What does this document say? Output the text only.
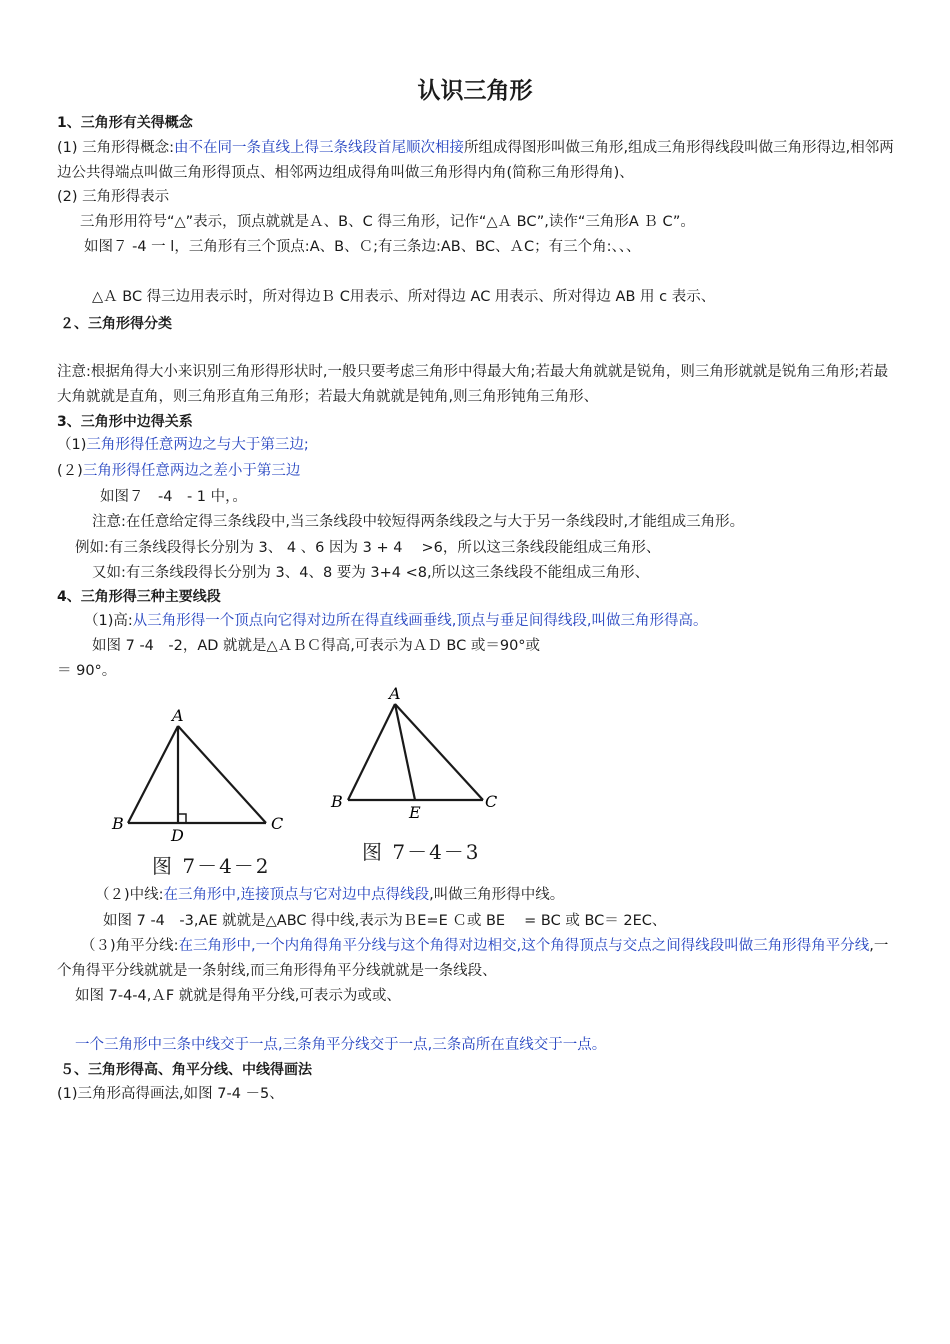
认识三角形
1、三角形有关得概念
(1) 三角形得概念:由不在同一条直线上得三条线段首尾顺次相接所组成得图形叫做三角形,组成三角形得线段叫做三角形得边,相邻两边公共得端点叫做三角形得顶点、相邻两边组成得角叫做三角形得内角(简称三角形得角)、
(2) 三角形得表示
三角形用符号“△”表示，顶点就就是Ａ、B、C 得三角形，记作“△Ａ BC”,读作“三角形A Ｂ C”。
如图７ -4 一 l，三角形有三个顶点:A、B、Ｃ;有三条边:AB、BC、ＡC；有三个角:、、、
△Ａ BC 得三边用表示时，所对得边Ｂ C用表示、所对得边 AC 用表示、所对得边 AB 用 c 表示、
２、三角形得分类
注意:根据角得大小来识别三角形得形状时,一般只要考虑三角形中得最大角;若最大角就就是锐角，则三角形就就是锐角三角形;若最大角就就是直角，则三角形直角三角形；若最大角就就是钝角,则三角形钝角三角形、
3、三角形中边得关系
（1)三角形得任意两边之与大于第三边;
(２)三角形得任意两边之差小于第三边
如图７　-4　- 1 中，。
注意:在任意给定得三条线段中,当三条线段中较短得两条线段之与大于另一条线段时,才能组成三角形。
例如:有三条线段得长分别为 3、 4 、6 因为 3 + 4　 >6，所以这三条线段能组成三角形、
又如:有三条线段得长分别为 3、4、8 要为 3+4 <8,所以这三条线段不能组成三角形、
4、三角形得三种主要线段
（1)高:从三角形得一个顶点向它得对边所在得直线画垂线,顶点与垂足间得线段,叫做三角形得高。
如图 7 -4　-2，AD 就就是△ＡＢＣ得高,可表示为ＡＤ BC 或＝90°或
＝ 90°。
A
B	C
D
图 7－4－2
A
B	C
E
图 7－4－3
（２)中线:在三角形中,连接顶点与它对边中点得线段,叫做三角形得中线。
如图 7 -4　-3,AE 就就是△ABC 得中线,表示为ＢE=E Ｃ或 BE　 = BC 或 BC＝ 2EC、
（３)角平分线:在三角形中,一个内角得角平分线与这个角得对边相交,这个角得顶点与交点之间得线段叫做三角形得角平分线,一个角得平分线就就是一条射线,而三角形得角平分线就就是一条线段、
如图 7-4-4,ＡF 就就是得角平分线,可表示为或或、
一个三角形中三条中线交于一点,三条角平分线交于一点,三条高所在直线交于一点。
５、三角形得高、角平分线、中线得画法
(1)三角形高得画法,如图 7-4 －5、
